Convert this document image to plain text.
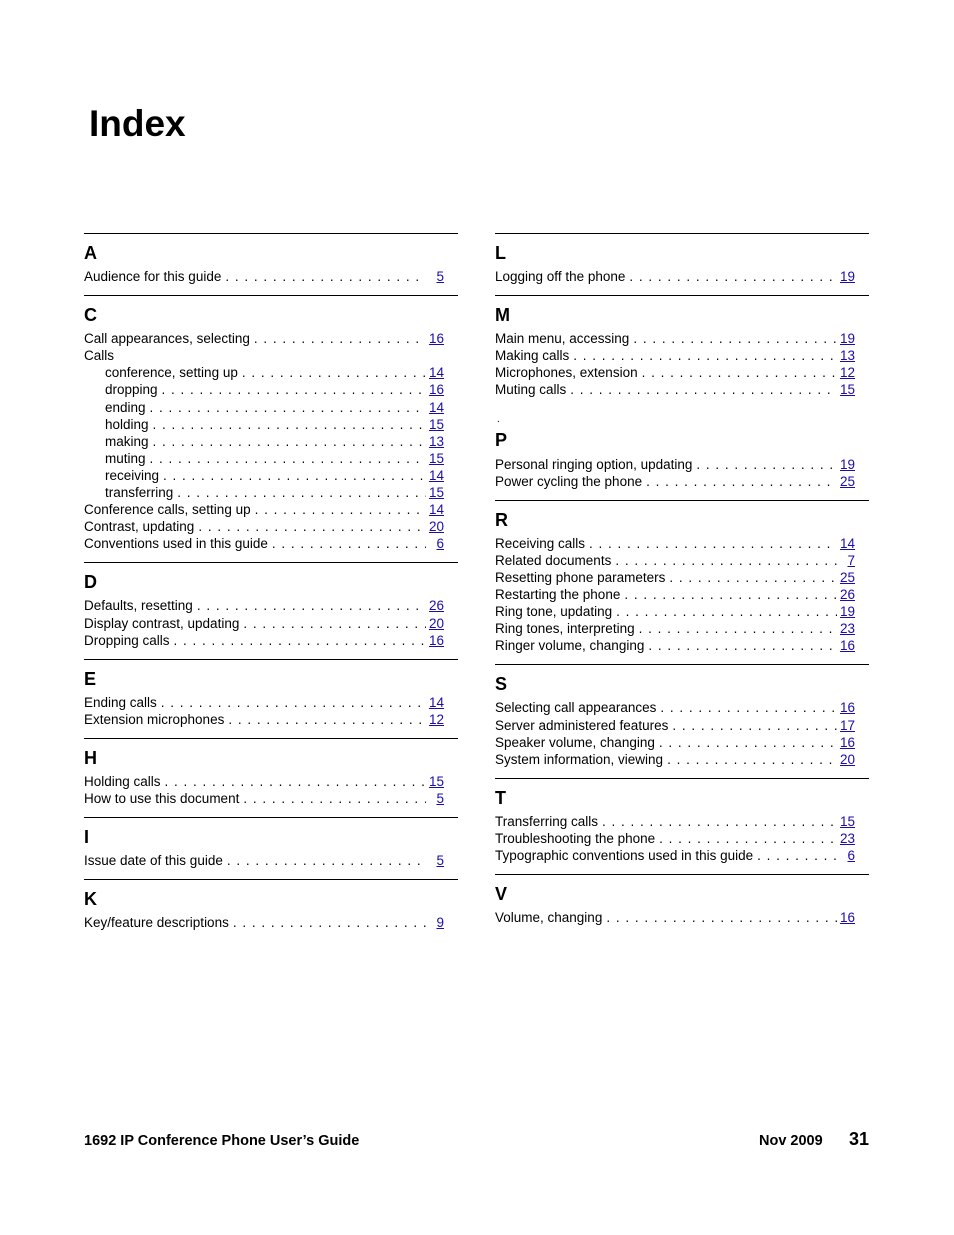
Index
A
Audience for this guide . . .	5
C
Call appearances, selecting . . .	16
Calls
conference, setting up . . .	14
dropping . . .	16
ending . . .	14
holding . . .	15
making . . .	13
muting . . .	15
receiving . . .	14
transferring . . .	15
Conference calls, setting up . . .	14
Contrast, updating . . .	20
Conventions used in this guide . . .	6
D
Defaults, resetting . . .	26
Display contrast, updating . . .	20
Dropping calls . . .	16
E
Ending calls . . .	14
Extension microphones . . .	12
H
Holding calls . . .	15
How to use this document . . .	5
I
Issue date of this guide . . .	5
K
Key/feature descriptions . . .	9
L
Logging off the phone . . .	19
M
Main menu, accessing . . .	19
Making calls . . .	13
Microphones, extension . . .	12
Muting calls . . .	15
.
P
Personal ringing option, updating . . .	19
Power cycling the phone . . .	25
R
Receiving calls . . .	14
Related documents . . .	7
Resetting phone parameters . . .	25
Restarting the phone . . .	26
Ring tone, updating . . .	19
Ring tones, interpreting . . .	23
Ringer volume, changing . . .	16
S
Selecting call appearances . . .	16
Server administered features . . .	17
Speaker volume, changing . . .	16
System information, viewing . . .	20
T
Transferring calls . . .	15
Troubleshooting the phone . . .	23
Typographic conventions used in this guide . . .	6
V
Volume, changing . . .	16
1692 IP Conference Phone User’s Guide	Nov 2009 31
